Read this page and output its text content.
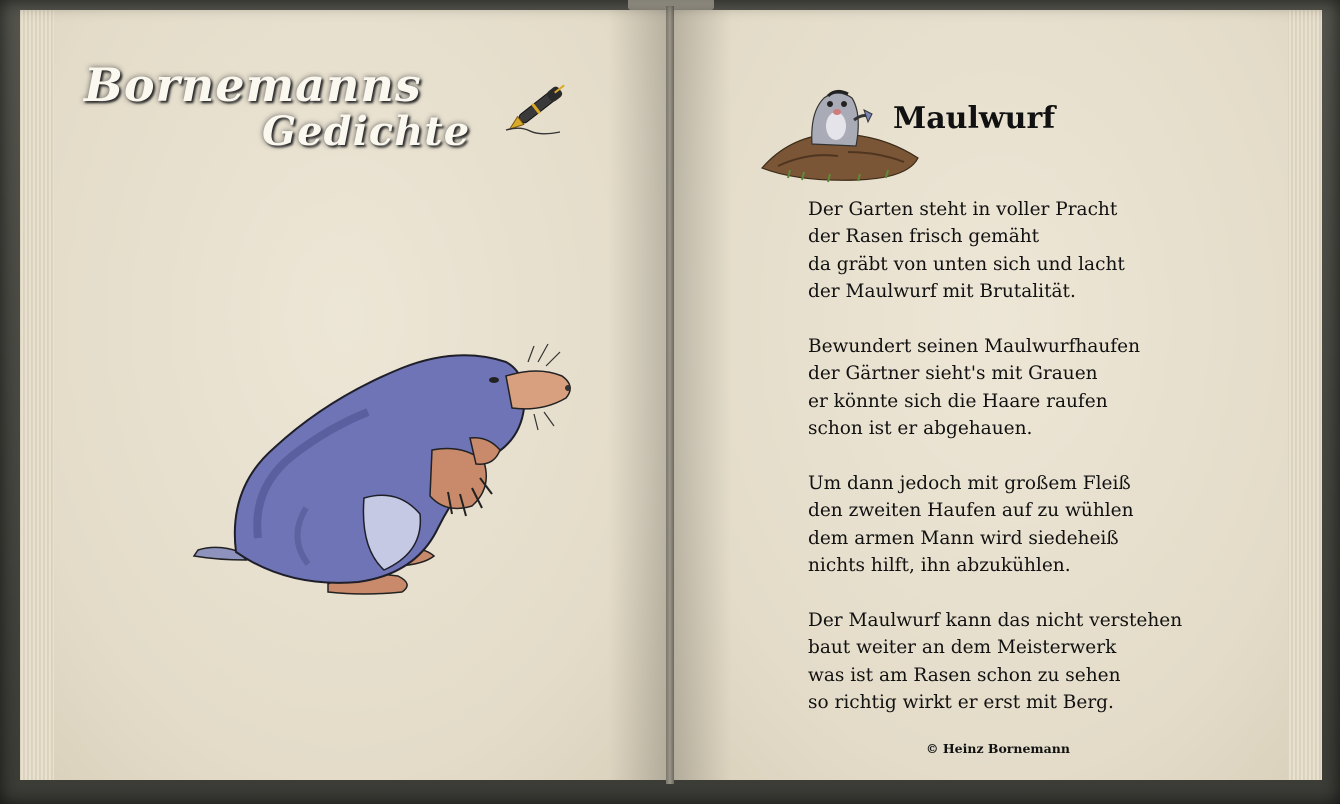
Bornemanns
Gedichte	Maulwurf
Der Garten steht in voller Pracht
der Rasen frisch gemäht
da gräbt von unten sich und lacht
der Maulwurf mit Brutalität.
Bewundert seinen Maulwurfhaufen
der Gärtner sieht's mit Grauen
er könnte sich die Haare raufen
schon ist er abgehauen.
Um dann jedoch mit großem Fleiß
den zweiten Haufen auf zu wühlen
dem armen Mann wird siedeheiß
nichts hilft, ihn abzukühlen.
Der Maulwurf kann das nicht verstehen
baut weiter an dem Meisterwerk
was ist am Rasen schon zu sehen
so richtig wirkt er erst mit Berg.
© Heinz Bornemann
